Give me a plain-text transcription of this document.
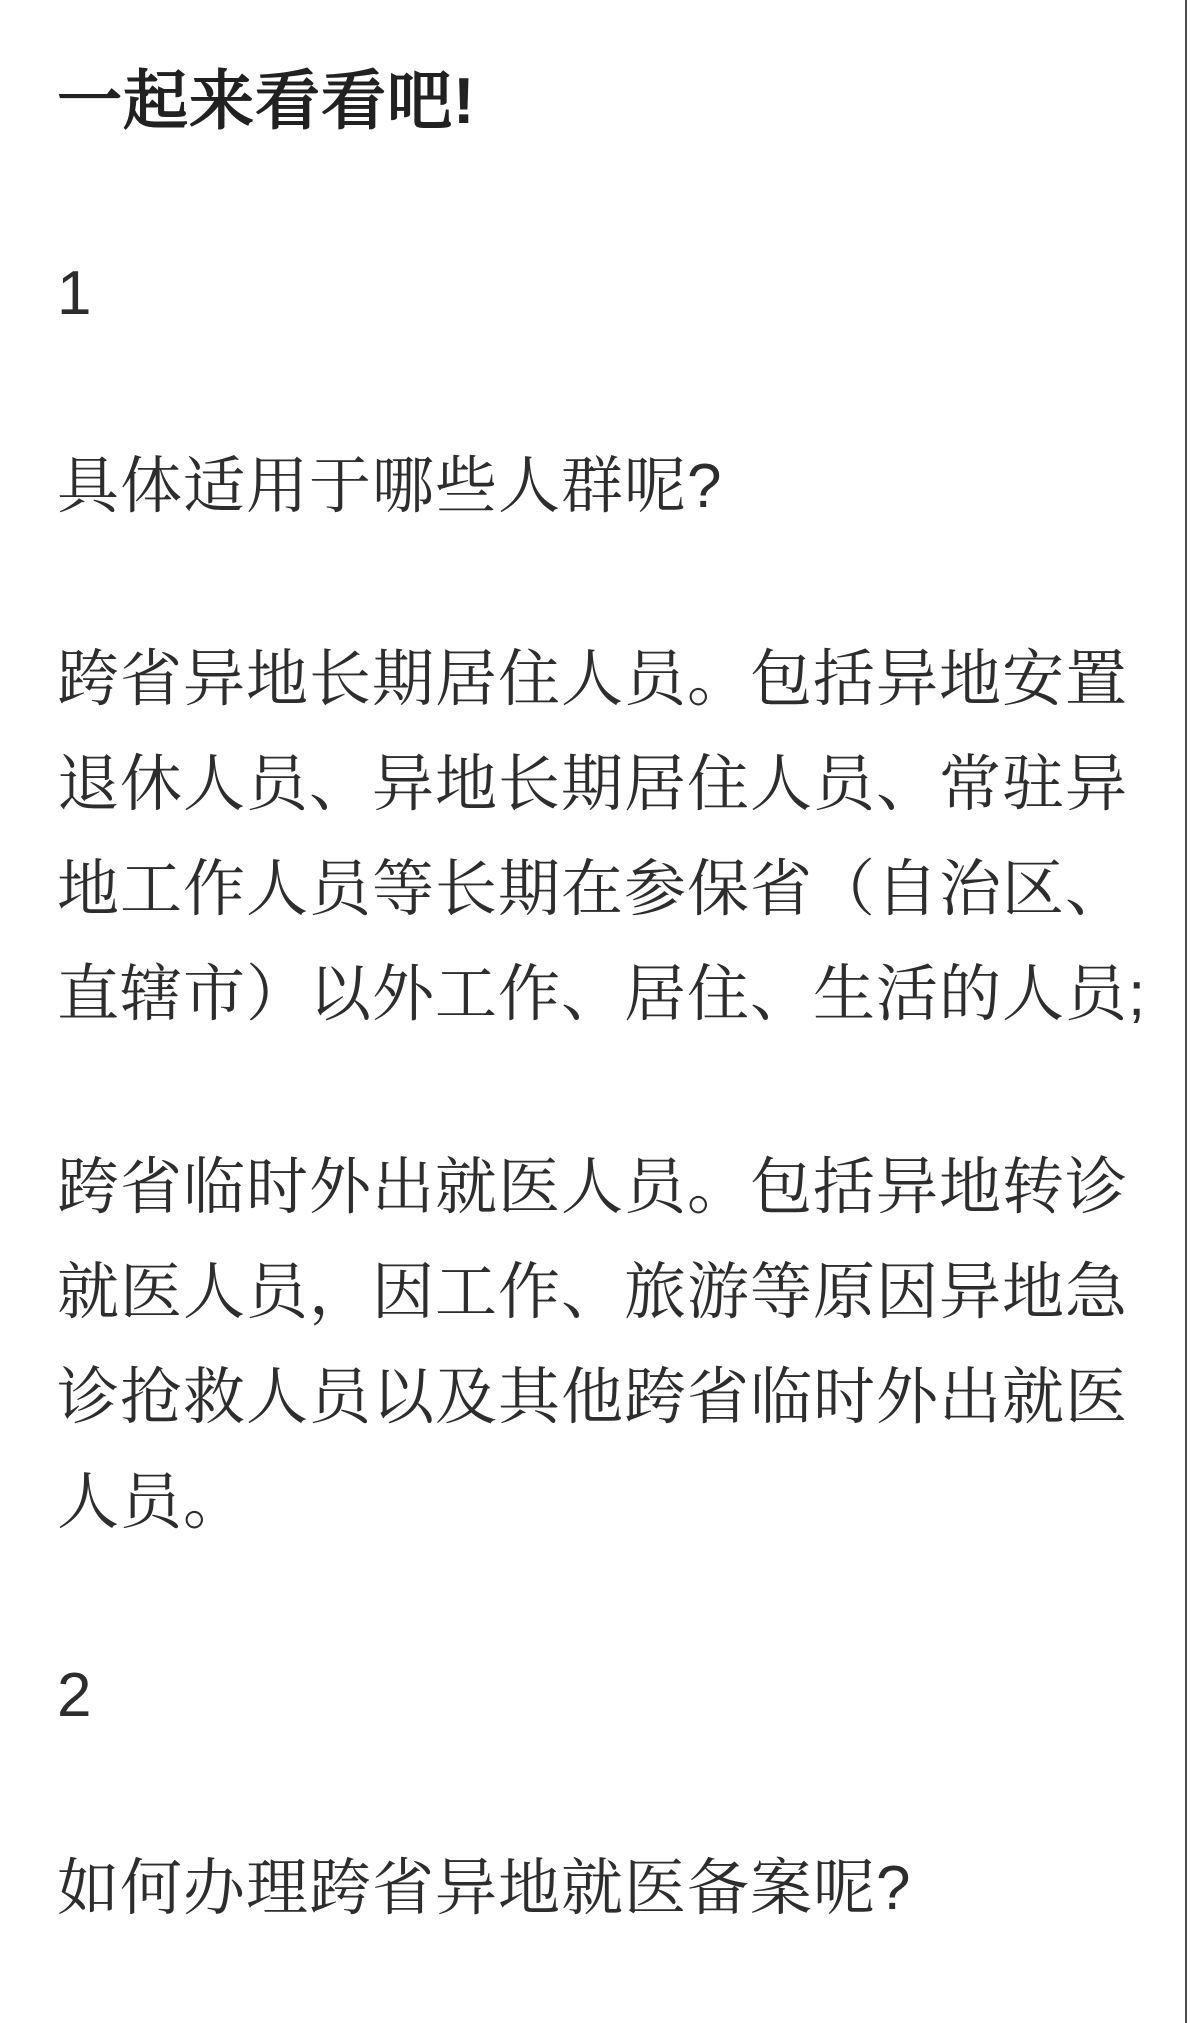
一起来看看吧!

1

具体适用于哪些人群呢?

跨省异地长期居住人员。包括异地安置
退休人员、异地长期居住人员、常驻异
地工作人员等长期在参保省（自治区、
直辖市）以外工作、居住、生活的人员;

跨省临时外出就医人员。包括异地转诊
就医人员，因工作、旅游等原因异地急
诊抢救人员以及其他跨省临时外出就医
人员。

2

如何办理跨省异地就医备案呢?
